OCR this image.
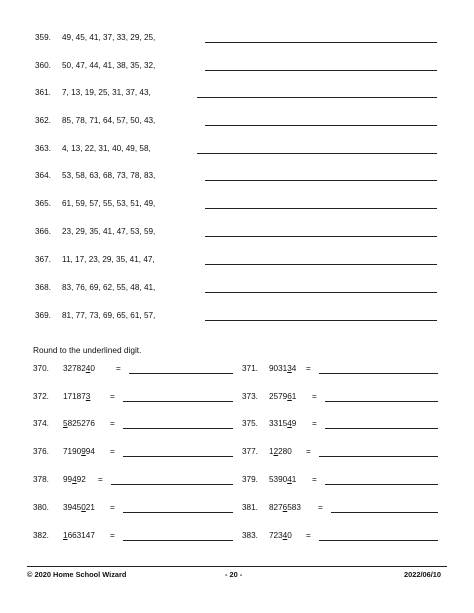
359. 49, 45, 41, 37, 33, 29, 25,
360. 50, 47, 44, 41, 38, 35, 32,
361. 7, 13, 19, 25, 31, 37, 43,
362. 85, 78, 71, 64, 57, 50, 43,
363. 4, 13, 22, 31, 40, 49, 58,
364. 53, 58, 63, 68, 73, 78, 83,
365. 61, 59, 57, 55, 53, 51, 49,
366. 23, 29, 35, 41, 47, 53, 59,
367. 11, 17, 23, 29, 35, 41, 47,
368. 83, 76, 69, 62, 55, 48, 41,
369. 81, 77, 73, 69, 65, 61, 57,
Round to the underlined digit.
370. 3278240	=	371. 903134 =
372. 171873 =	373. 257961 =
374. 5825276 =	375. 331549 =
376. 7190994 =	377. 12280 =
378. 99492 =	379. 539041 =
380. 3945021 =	381. 8276583 =
382. 1663147 =	383. 72340 =
© 2020 Home School Wizard	- 20 -	2022/06/10
